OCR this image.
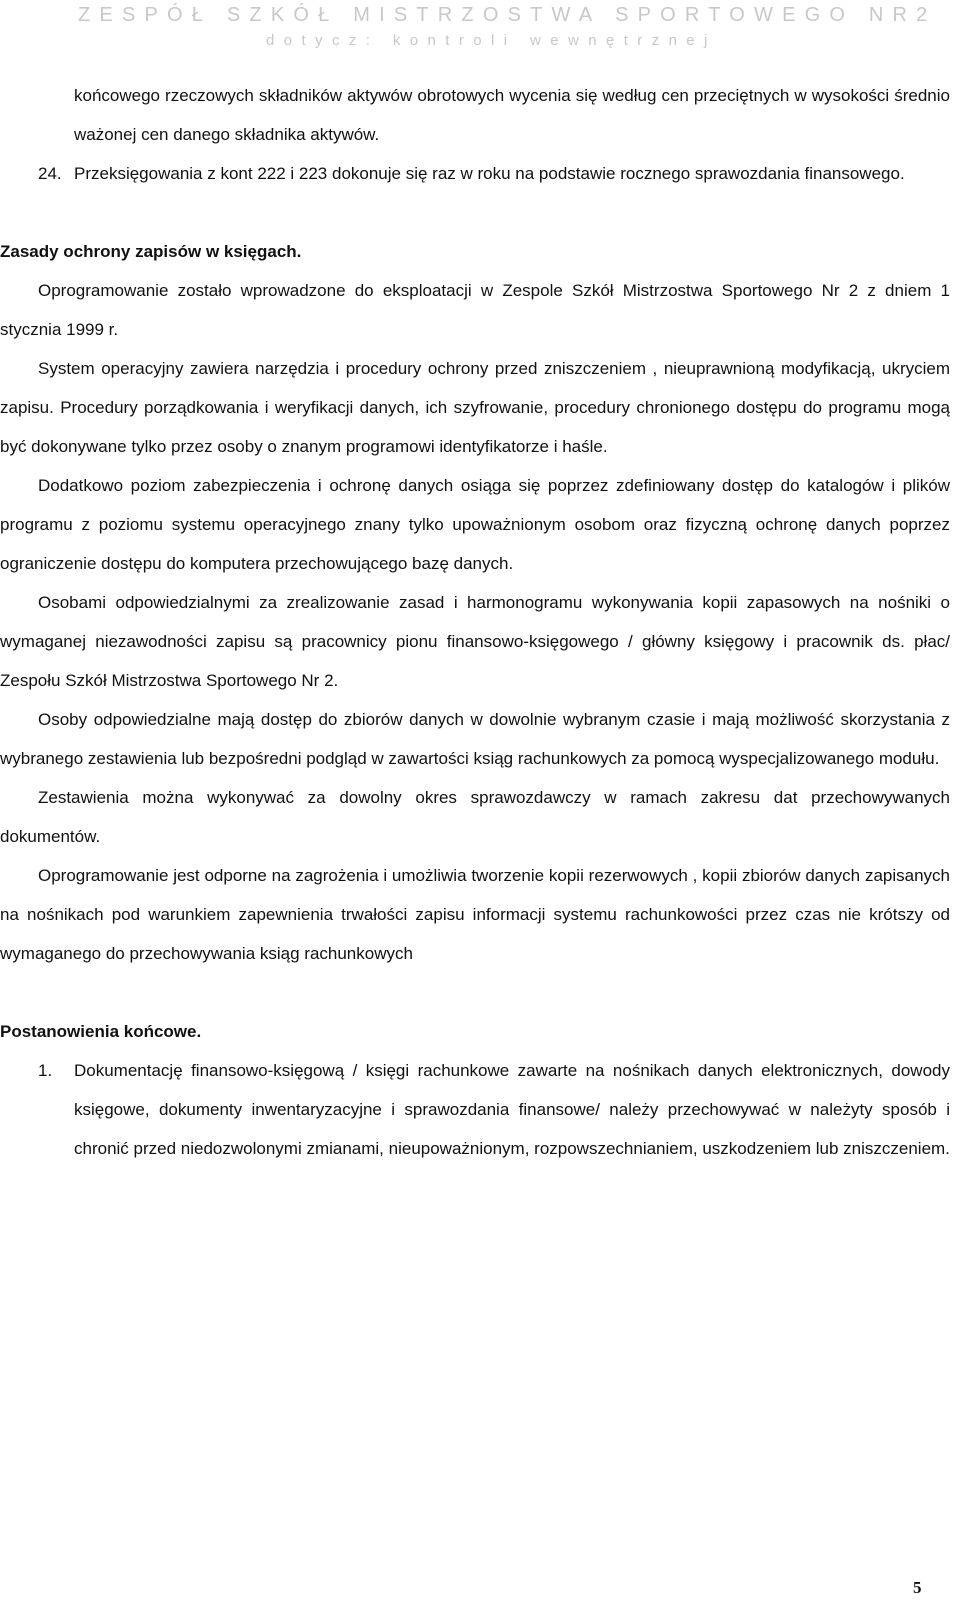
ZESPÓŁ SZKÓŁ MISTRZOSTWA SPORTOWEGO NR2
dotycz: kontroli wewnętrznej

końcowego rzeczowych składników aktywów obrotowych wycenia się według cen przeciętnych w wysokości średnio ważonej cen danego składnika aktywów.

24. Przeksięgowania z kont 222 i 223 dokonuje się raz w roku na podstawie rocznego sprawozdania finansowego.

Zasady ochrony zapisów w księgach.

Oprogramowanie zostało wprowadzone do eksploatacji w Zespole Szkół Mistrzostwa Sportowego Nr 2 z dniem 1 stycznia 1999 r.

System operacyjny zawiera narzędzia i procedury ochrony przed zniszczeniem , nieuprawnioną modyfikacją, ukryciem zapisu. Procedury porządkowania i weryfikacji danych, ich szyfrowanie, procedury chronionego dostępu do programu mogą być dokonywane tylko przez osoby o znanym programowi identyfikatorze i haśle.

Dodatkowo poziom zabezpieczenia i ochronę danych osiąga się poprzez zdefiniowany dostęp do katalogów i plików programu z poziomu systemu operacyjnego znany tylko upoważnionym osobom oraz fizyczną ochronę danych poprzez ograniczenie dostępu do komputera przechowującego bazę danych.

Osobami odpowiedzialnymi za zrealizowanie zasad i harmonogramu wykonywania kopii zapasowych na nośniki o wymaganej niezawodności zapisu są pracownicy pionu finansowo-księgowego / główny księgowy i pracownik ds. płac/ Zespołu Szkół Mistrzostwa Sportowego Nr 2.

Osoby odpowiedzialne mają dostęp do zbiorów danych w dowolnie wybranym czasie i mają możliwość skorzystania z wybranego zestawienia lub bezpośredni podgląd w zawartości ksiąg rachunkowych za pomocą wyspecjalizowanego modułu.

Zestawienia można wykonywać za dowolny okres sprawozdawczy w ramach zakresu dat przechowywanych dokumentów.

Oprogramowanie jest odporne na zagrożenia i umożliwia tworzenie kopii rezerwowych , kopii zbiorów danych zapisanych na nośnikach pod warunkiem zapewnienia trwałości zapisu informacji systemu rachunkowości przez czas nie krótszy od wymaganego do przechowywania ksiąg rachunkowych

Postanowienia końcowe.

1. Dokumentację finansowo-księgową / księgi rachunkowe zawarte na nośnikach danych elektronicznych, dowody księgowe, dokumenty inwentaryzacyjne i sprawozdania finansowe/ należy przechowywać w należyty sposób i chronić przed niedozwolonymi zmianami, nieupoważnionym, rozpowszechnianiem, uszkodzeniem lub zniszczeniem.
5
